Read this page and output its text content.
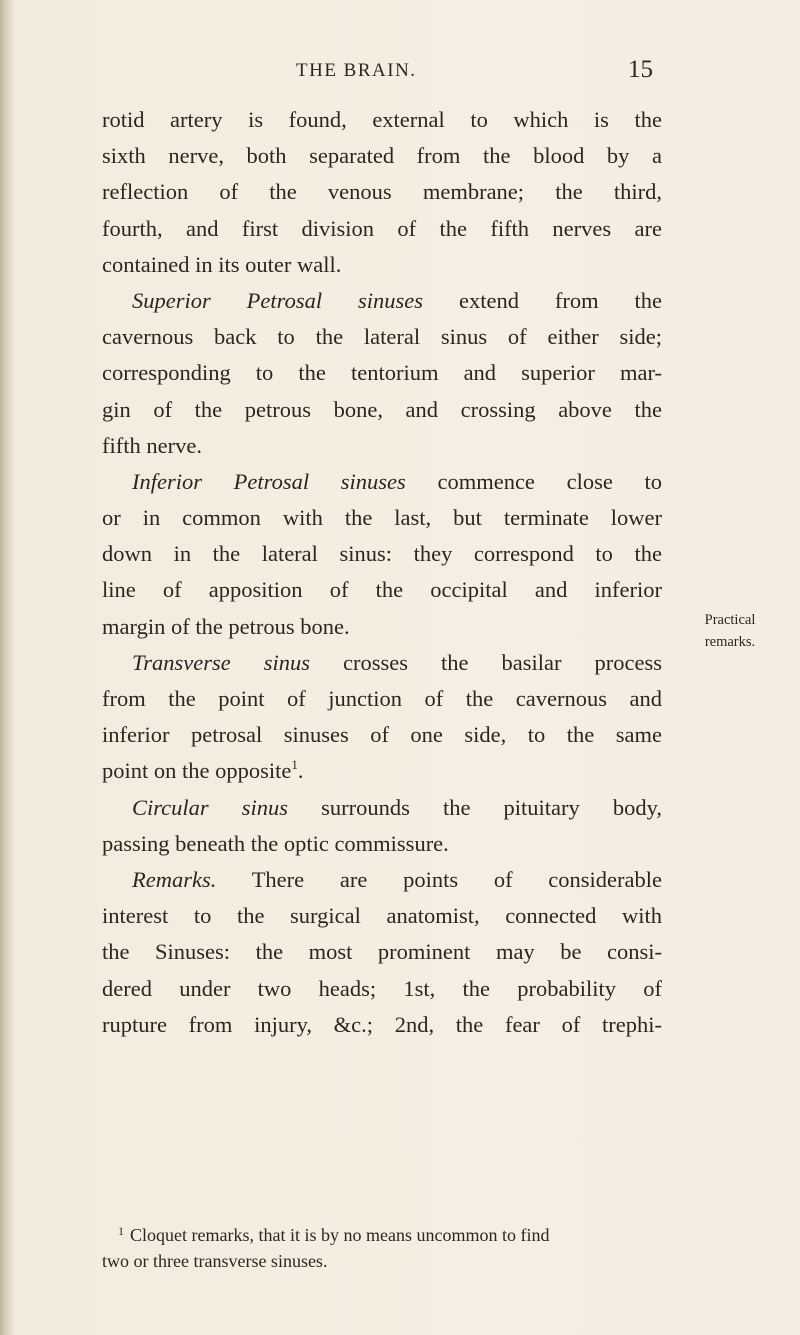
THE BRAIN.	15
rotid artery is found, external to which is the
sixth nerve, both separated from the blood by a
reflection of the venous membrane; the third,
fourth, and first division of the fifth nerves are
contained in its outer wall.
Superior Petrosal sinuses extend from the
cavernous back to the lateral sinus of either side;
corresponding to the tentorium and superior mar-
gin of the petrous bone, and crossing above the
fifth nerve.
Inferior Petrosal sinuses commence close to
or in common with the last, but terminate lower
down in the lateral sinus: they correspond to the
line of apposition of the occipital and inferior
margin of the petrous bone.
Transverse sinus crosses the basilar process
from the point of junction of the cavernous and
inferior petrosal sinuses of one side, to the same
point on the opposite$^1$.
Circular sinus surrounds the pituitary body,
passing beneath the optic commissure.
Remarks. There are points of considerable
interest to the surgical anatomist, connected with
the Sinuses: the most prominent may be consi-
dered under two heads; 1st, the probability of
rupture from injury, &c.; 2nd, the fear of trephi-
Practical
remarks.
$^1$ Cloquet remarks, that it is by no means uncommon to find
two or three transverse sinuses.
